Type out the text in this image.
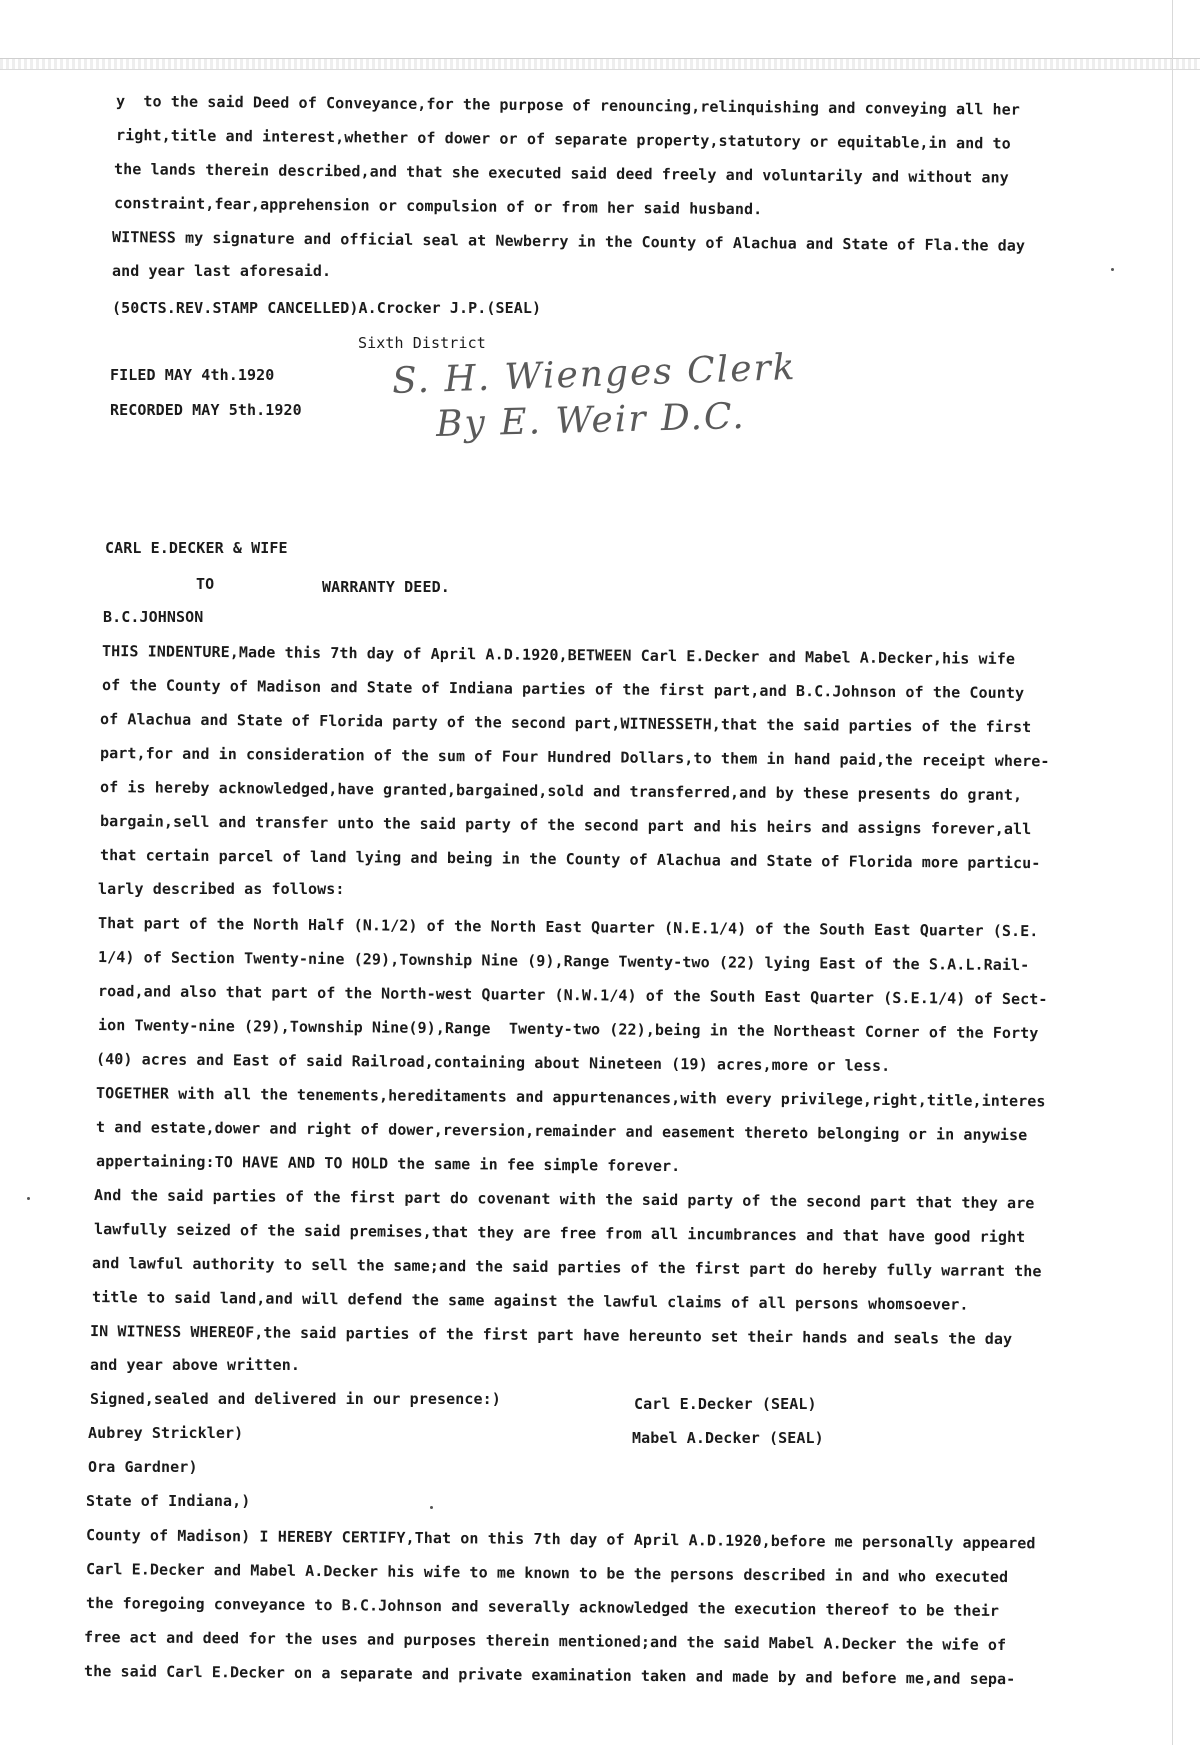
y  to the said Deed of Conveyance,for the purpose of renouncing,relinquishing and conveying all her
right,title and interest,whether of dower or of separate property,statutory or equitable,in and to
the lands therein described,and that she executed said deed freely and voluntarily and without any
constraint,fear,apprehension or compulsion of or from her said husband.
WITNESS my signature and official seal at Newberry in the County of Alachua and State of Fla.the day
and year last aforesaid.
(50CTS.REV.STAMP CANCELLED)A.Crocker J.P.(SEAL)
Sixth District
FILED MAY 4th.1920
RECORDED MAY 5th.1920
S. H. Wienges Clerk
By E. Weir D.C.
CARL E.DECKER & WIFE
TO	WARRANTY DEED.
B.C.JOHNSON
THIS INDENTURE,Made this 7th day of April A.D.1920,BETWEEN Carl E.Decker and Mabel A.Decker,his wife
of the County of Madison and State of Indiana parties of the first part,and B.C.Johnson of the County
of Alachua and State of Florida party of the second part,WITNESSETH,that the said parties of the first
part,for and in consideration of the sum of Four Hundred Dollars,to them in hand paid,the receipt where-
of is hereby acknowledged,have granted,bargained,sold and transferred,and by these presents do grant,
bargain,sell and transfer unto the said party of the second part and his heirs and assigns forever,all
that certain parcel of land lying and being in the County of Alachua and State of Florida more particu-
larly described as follows:
That part of the North Half (N.1/2) of the North East Quarter (N.E.1/4) of the South East Quarter (S.E.
1/4) of Section Twenty-nine (29),Township Nine (9),Range Twenty-two (22) lying East of the S.A.L.Rail-
road,and also that part of the North-west Quarter (N.W.1/4) of the South East Quarter (S.E.1/4) of Sect-
ion Twenty-nine (29),Township Nine(9),Range  Twenty-two (22),being in the Northeast Corner of the Forty
(40) acres and East of said Railroad,containing about Nineteen (19) acres,more or less.
TOGETHER with all the tenements,hereditaments and appurtenances,with every privilege,right,title,interes
t and estate,dower and right of dower,reversion,remainder and easement thereto belonging or in anywise
appertaining:TO HAVE AND TO HOLD the same in fee simple forever.
And the said parties of the first part do covenant with the said party of the second part that they are
lawfully seized of the said premises,that they are free from all incumbrances and that have good right
and lawful authority to sell the same;and the said parties of the first part do hereby fully warrant the
title to said land,and will defend the same against the lawful claims of all persons whomsoever.
IN WITNESS WHEREOF,the said parties of the first part have hereunto set their hands and seals the day
and year above written.
Signed,sealed and delivered in our presence:)	Carl E.Decker (SEAL)
Aubrey Strickler)	Mabel A.Decker (SEAL)
Ora Gardner)
State of Indiana,)
County of Madison) I HEREBY CERTIFY,That on this 7th day of April A.D.1920,before me personally appeared
Carl E.Decker and Mabel A.Decker his wife to me known to be the persons described in and who executed
the foregoing conveyance to B.C.Johnson and severally acknowledged the execution thereof to be their
free act and deed for the uses and purposes therein mentioned;and the said Mabel A.Decker the wife of
the said Carl E.Decker on a separate and private examination taken and made by and before me,and sepa-
